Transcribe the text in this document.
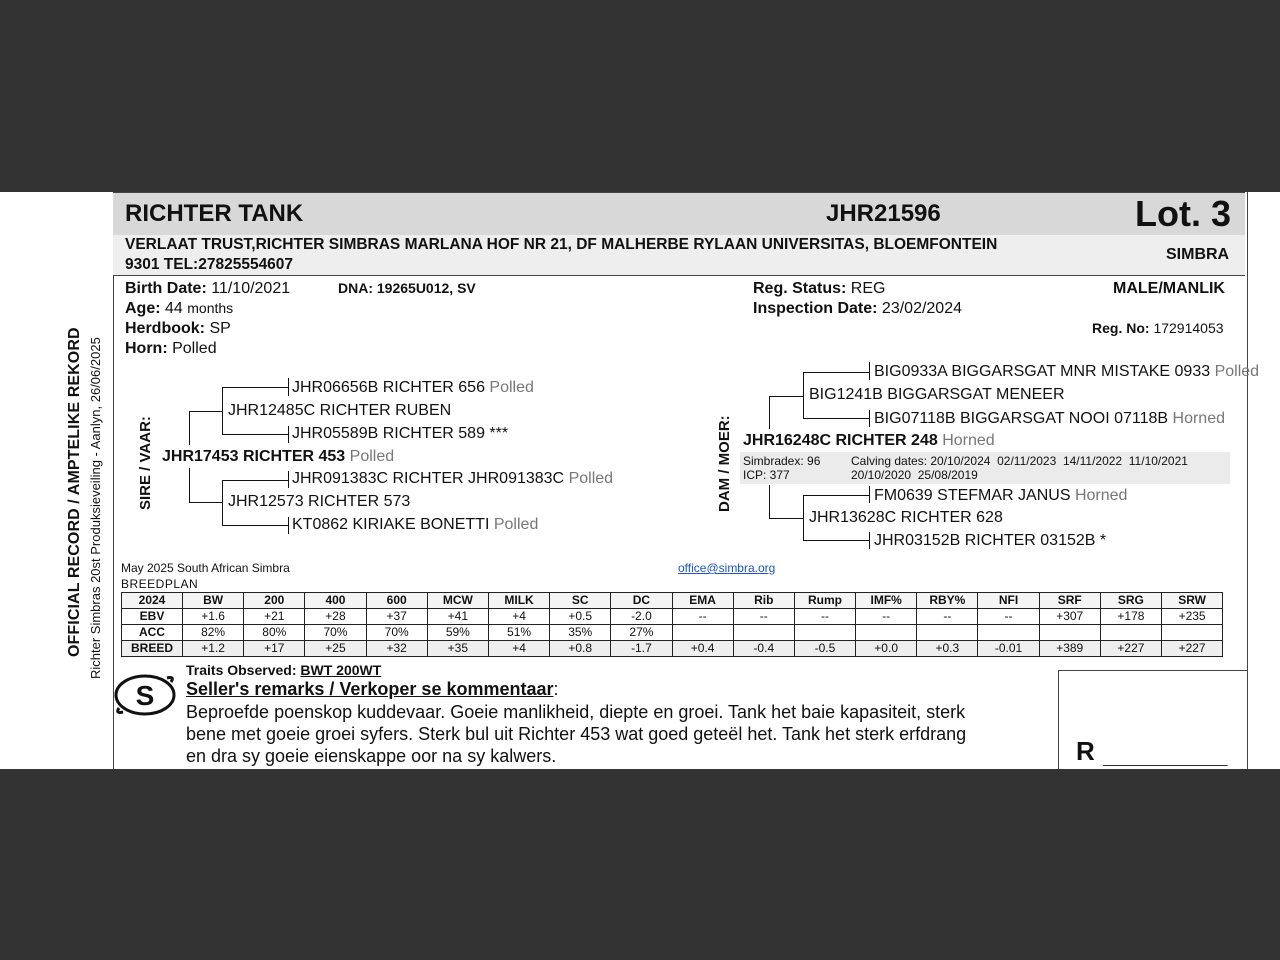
OFFICIAL RECORD / AMPTELIKE REKORD Richter Simbras 20st Produksieveiling - Aanlyn, 26/06/2025
RICHTER TANK	JHR21596	Lot. 3
VERLAAT TRUST,RICHTER SIMBRAS MARLANA HOF NR 21, DF MALHERBE RYLAAN UNIVERSITAS, BLOEMFONTEIN
9301 TEL:27825554607
SIMBRA
Birth Date: 11/10/2021	DNA: 19265U012, SV
Age: 44 months
Herdbook: SP
Horn: Polled
Reg. Status: REG	MALE/MANLIK
Inspection Date: 23/02/2024
Reg. No: 172914053
SIRE / VAAR:
JHR06656B RICHTER 656 Polled
JHR12485C RICHTER RUBEN
JHR05589B RICHTER 589 ***
JHR17453 RICHTER 453 Polled
JHR091383C RICHTER JHR091383C Polled
JHR12573 RICHTER 573
KT0862 KIRIAKE BONETTI Polled
DAM / MOER:
BIG0933A BIGGARSGAT MNR MISTAKE 0933 Polled
BIG1241B BIGGARSGAT MENEER
BIG07118B BIGGARSGAT NOOI 07118B Horned
JHR16248C RICHTER 248 Horned
Simbradex: 96
ICP: 377
Calving dates: 20/10/2024  02/11/2023  14/11/2022  11/10/2021
20/10/2020  25/08/2019
FM0639 STEFMAR JANUS Horned
JHR13628C RICHTER 628
JHR03152B RICHTER 03152B *
May 2025 South African Simbra
BREEDPLAN
office@simbra.org
2024	BW	200	400	600	MCW	MILK	SC	DC	EMA	Rib	Rump	IMF%	RBY%	NFI	SRF	SRG	SRW
EBV	+1.6	+21	+28	+37	+41	+4	+0.5	-2.0	--	--	--	--	--	--	+307	+178	+235
ACC	82%	80%	70%	70%	59%	51%	35%	27%									
BREED	+1.2	+17	+25	+32	+35	+4	+0.8	-1.7	+0.4	-0.4	-0.5	+0.0	+0.3	-0.01	+389	+227	+227
S
Traits Observed: BWT 200WT
Seller's remarks / Verkoper se kommentaar:
Beproefde poenskop kuddevaar. Goeie manlikheid, diepte en groei. Tank het baie kapasiteit, sterk
bene met goeie groei syfers. Sterk bul uit Richter 453 wat goed geteël het. Tank het sterk erfdrang
en dra sy goeie eienskappe oor na sy kalwers.	R ________________
